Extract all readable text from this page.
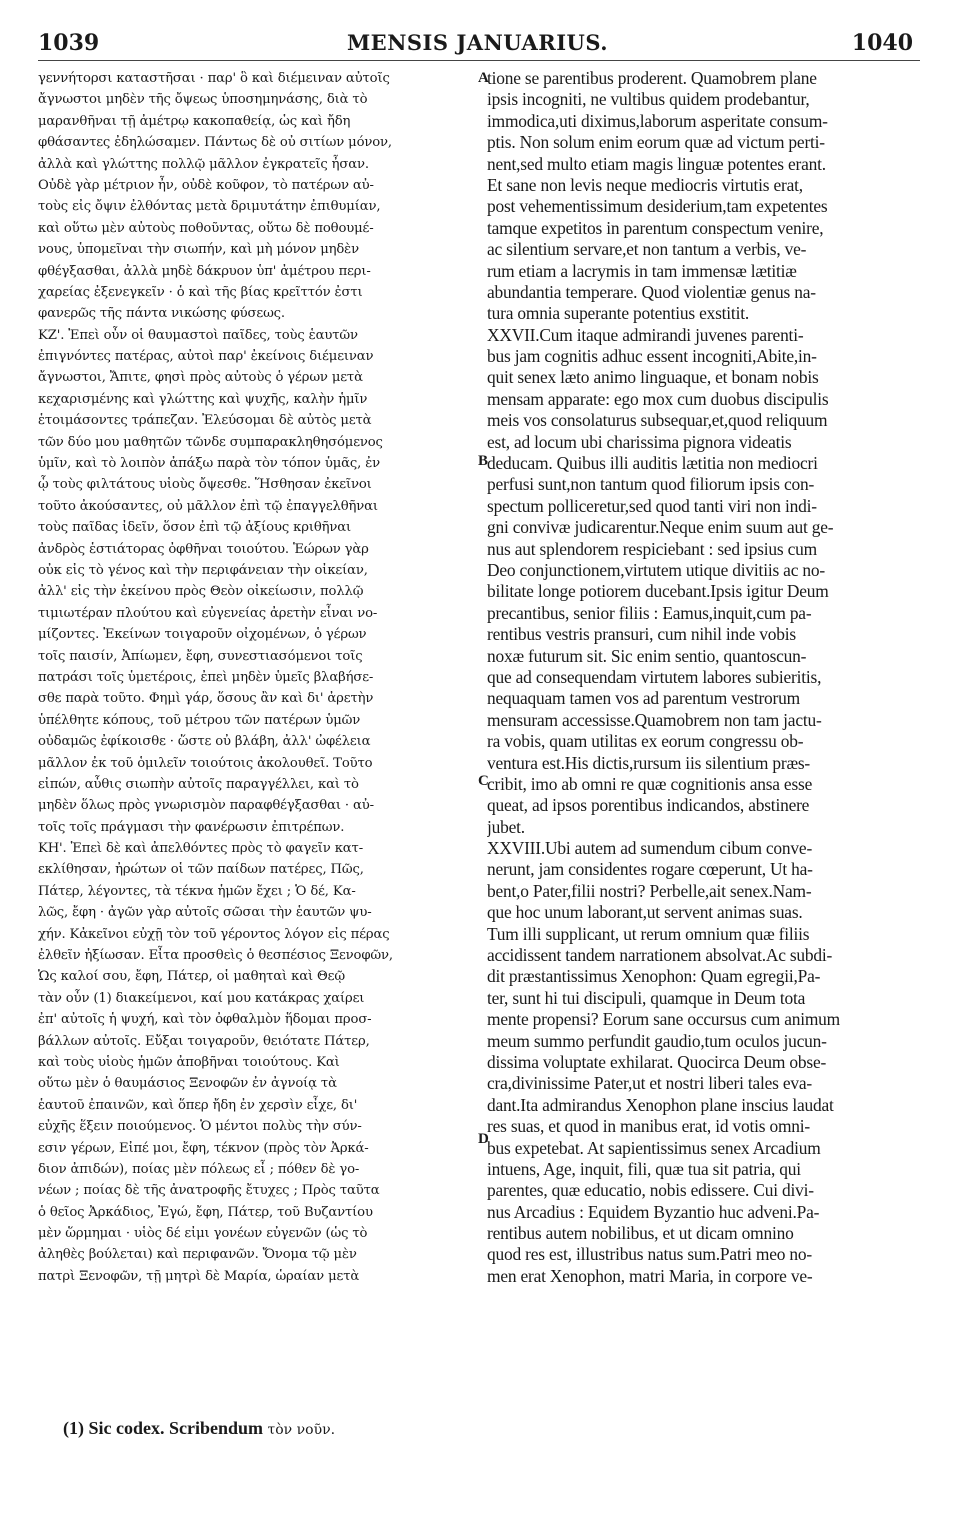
1039	MENSIS JANUARIUS.	1040
γεννήτορσι καταστῆσαι · παρ' ὃ καὶ διέμειναν αὐτοῖς
ἄγνωστοι μηδὲν τῆς ὄψεως ὑποσημηνάσης, διὰ τὸ
μαρανθῆναι τῇ ἀμέτρῳ κακοπαθείᾳ, ὡς καὶ ἤδη
φθάσαντες ἐδηλώσαμεν. Πάντως δὲ οὐ σιτίων μόνον,
ἀλλὰ καὶ γλώττης πολλῷ μᾶλλον ἐγκρατεῖς ἦσαν.
Οὐδὲ γὰρ μέτριον ἦν, οὐδὲ κοῦφον, τὸ πατέρων αὐ-
τοὺς εἰς ὄψιν ἐλθόντας μετὰ δριμυτάτην ἐπιθυμίαν,
καὶ οὕτω μὲν αὐτοὺς ποθοῦντας, οὕτω δὲ ποθουμέ-
νους, ὑπομεῖναι τὴν σιωπήν, καὶ μὴ μόνον μηδὲν
φθέγξασθαι, ἀλλὰ μηδὲ δάκρυον ὑπ' ἀμέτρου περι-
χαρείας ἐξενεγκεῖν · ὁ καὶ τῆς βίας κρεῖττόν ἐστι
φανερῶς τῆς πάντα νικώσης φύσεως.
ΚΖ'. Ἐπεὶ οὖν οἱ θαυμαστοὶ παῖδες, τοὺς ἑαυτῶν
ἐπιγνόντες πατέρας, αὐτοὶ παρ' ἐκείνοις διέμειναν
ἄγνωστοι, Ἄπιτε, φησὶ πρὸς αὐτοὺς ὁ γέρων μετὰ
κεχαρισμένης καὶ γλώττης καὶ ψυχῆς, καλὴν ἡμῖν
ἑτοιμάσοντες τράπεζαν. Ἐλεύσομαι δὲ αὐτὸς μετὰ
τῶν δύο μου μαθητῶν τῶνδε συμπαρακληθησόμενος
ὑμῖν, καὶ τὸ λοιπὸν ἀπάξω παρὰ τὸν τόπον ὑμᾶς, ἐν
ᾧ τοὺς φιλτάτους υἱοὺς ὄψεσθε. Ἥσθησαν ἐκεῖνοι
τοῦτο ἀκούσαντες, οὐ μᾶλλον ἐπὶ τῷ ἐπαγγελθῆναι
τοὺς παῖδας ἰδεῖν, ὅσον ἐπὶ τῷ ἀξίους κριθῆναι
ἀνδρὸς ἑστιάτορας ὀφθῆναι τοιούτου. Ἑώρων γὰρ
οὐκ εἰς τὸ γένος καὶ τὴν περιφάνειαν τὴν οἰκείαν,
ἀλλ' εἰς τὴν ἐκείνου πρὸς Θεὸν οἰκείωσιν, πολλῷ
τιμιωτέραν πλούτου καὶ εὐγενείας ἀρετὴν εἶναι νο-
μίζοντες. Ἐκείνων τοιγαροῦν οἰχομένων, ὁ γέρων
τοῖς παισίν, Ἀπίωμεν, ἔφη, συνεστιασόμενοι τοῖς
πατράσι τοῖς ὑμετέροις, ἐπεὶ μηδὲν ὑμεῖς βλαβήσε-
σθε παρὰ τοῦτο. Φημὶ γάρ, ὅσους ἂν καὶ δι' ἀρετὴν
ὑπέλθητε κόπους, τοῦ μέτρου τῶν πατέρων ὑμῶν
οὐδαμῶς ἐφίκοισθε · ὥστε οὐ βλάβη, ἀλλ' ὠφέλεια
μᾶλλον ἐκ τοῦ ὁμιλεῖν τοιούτοις ἀκολουθεῖ. Τοῦτο
εἰπών, αὖθις σιωπὴν αὐτοῖς παραγγέλλει, καὶ τὸ
μηδὲν ὅλως πρὸς γνωρισμὸν παραφθέγξασθαι · αὐ-
τοῖς τοῖς πράγμασι τὴν φανέρωσιν ἐπιτρέπων.
ΚΗ'. Ἐπεὶ δὲ καὶ ἀπελθόντες πρὸς τὸ φαγεῖν κατ-
εκλίθησαν, ἠρώτων οἱ τῶν παίδων πατέρες, Πῶς,
Πάτερ, λέγοντες, τὰ τέκνα ἡμῶν ἔχει ; Ὁ δέ, Κα-
λῶς, ἔφη · ἀγῶν γὰρ αὐτοῖς σῶσαι τὴν ἑαυτῶν ψυ-
χήν. Κἀκεῖνοι εὐχῇ τὸν τοῦ γέροντος λόγον εἰς πέρας
ἐλθεῖν ἠξίωσαν. Εἶτα προσθεὶς ὁ θεσπέσιος Ξενοφῶν,
Ὡς καλοί σου, ἔφη, Πάτερ, οἱ μαθηταὶ καὶ Θεῷ
τὰν οὖν (1) διακείμενοι, καί μου κατάκρας χαίρει
ἐπ' αὐτοῖς ἡ ψυχή, καὶ τὸν ὀφθαλμὸν ἥδομαι προσ-
βάλλων αὐτοῖς. Εὔξαι τοιγαροῦν, θειότατε Πάτερ,
καὶ τοὺς υἱοὺς ἡμῶν ἀποβῆναι τοιούτους. Καὶ
οὕτω μὲν ὁ θαυμάσιος Ξενοφῶν ἐν ἀγνοίᾳ τὰ
ἑαυτοῦ ἐπαινῶν, καὶ ὅπερ ἤδη ἐν χερσὶν εἶχε, δι'
εὐχῆς ἕξειν ποιούμενος. Ὁ μέντοι πολὺς τὴν σύν-
εσιν γέρων, Εἰπέ μοι, ἔφη, τέκνον (πρὸς τὸν Ἀρκά-
διον ἀπιδών), ποίας μὲν πόλεως εἶ ; πόθεν δὲ γο-
νέων ; ποίας δὲ τῆς ἀνατροφῆς ἔτυχες ; Πρὸς ταῦτα
ὁ θεῖος Ἀρκάδιος, Ἐγώ, ἔφη, Πάτερ, τοῦ Βυζαντίου
μὲν ὥρμημαι · υἱὸς δέ εἰμι γονέων εὐγενῶν (ὡς τὸ
ἀληθὲς βούλεται) καὶ περιφανῶν. Ὄνομα τῷ μὲν
πατρὶ Ξενοφῶν, τῇ μητρὶ δὲ Μαρία, ὡραίαν μετὰ
tione se parentibus proderent. Quamobrem plane
ipsis incogniti, ne vultibus quidem prodebantur,
immodica,uti diximus,laborum asperitate consum-
ptis. Non solum enim eorum quæ ad victum perti-
nent,sed multo etiam magis linguæ potentes erant.
Et sane non levis neque mediocris virtutis erat,
post vehementissimum desiderium,tam expetentes
tamque expetitos in parentum conspectum venire,
ac silentium servare,et non tantum a verbis, ve-
rum etiam a lacrymis in tam immensæ lætitiæ
abundantia temperare. Quod violentiæ genus na-
tura omnia superante potentius exstitit.
XXVII.Cum itaque admirandi juvenes parenti-
bus jam cognitis adhuc essent incogniti,Abite,in-
quit senex læto animo linguaque, et bonam nobis
mensam apparate: ego mox cum duobus discipulis
meis vos consolaturus subsequar,et,quod reliquum
est, ad locum ubi charissima pignora videatis
deducam. Quibus illi auditis lætitia non mediocri
perfusi sunt,non tantum quod filiorum ipsis con-
spectum polliceretur,sed quod tanti viri non indi-
gni convivæ judicarentur.Neque enim suum aut ge-
nus aut splendorem respiciebant : sed ipsius cum
Deo conjunctionem,virtutem utique divitiis ac no-
bilitate longe potiorem ducebant.Ipsis igitur Deum
precantibus, senior filiis : Eamus,inquit,cum pa-
rentibus vestris pransuri, cum nihil inde vobis
noxæ futurum sit. Sic enim sentio, quantoscun-
que ad consequendam virtutem labores subieritis,
nequaquam tamen vos ad parentum vestrorum
mensuram accessisse.Quamobrem non tam jactu-
ra vobis, quam utilitas ex eorum congressu ob-
ventura est.His dictis,rursum iis silentium præs-
cribit, imo ab omni re quæ cognitionis ansa esse
queat, ad ipsos porentibus indicandos, abstinere
jubet.
XXVIII.Ubi autem ad sumendum cibum conve-
nerunt, jam considentes rogare cœperunt, Ut ha-
bent,o Pater,filii nostri? Perbelle,ait senex.Nam-
que hoc unum laborant,ut servent animas suas.
Tum illi supplicant, ut rerum omnium quæ filiis
accidissent tandem narrationem absolvat.Ac subdi-
dit præstantissimus Xenophon: Quam egregii,Pa-
ter, sunt hi tui discipuli, quamque in Deum tota
mente propensi? Eorum sane occursus cum animum
meum summo perfundit gaudio,tum oculos jucun-
dissima voluptate exhilarat. Quocirca Deum obse-
cra,divinissime Pater,ut et nostri liberi tales eva-
dant.Ita admirandus Xenophon plane inscius laudat
res suas, et quod in manibus erat, id votis omni-
bus expetebat. At sapientissimus senex Arcadium
intuens, Age, inquit, fili, quæ tua sit patria, qui
parentes, quæ educatio, nobis edissere. Cui divi-
nus Arcadius : Equidem Byzantio huc adveni.Pa-
rentibus autem nobilibus, et ut dicam omnino
quod res est, illustribus natus sum.Patri meo no-
men erat Xenophon, matri Maria, in corpore ve-
A
B
C
D
(1) Sic codex. Scribendum τὸν νοῦν.
